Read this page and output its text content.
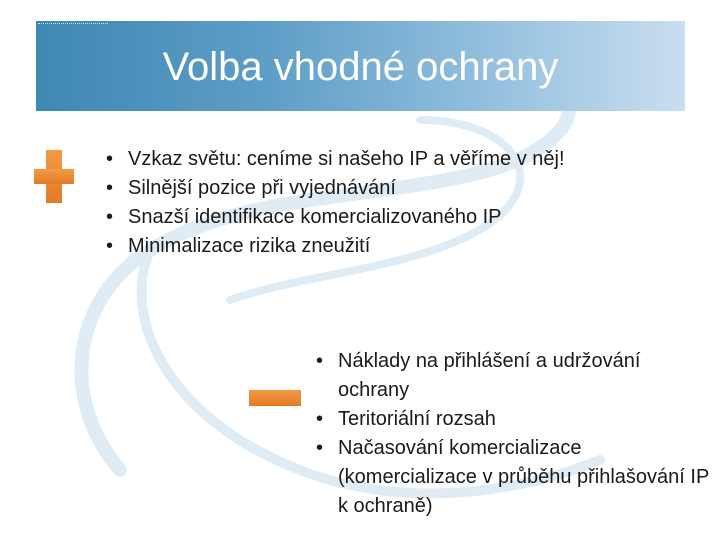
Volba vhodné ochrany
• Vzkaz světu: ceníme si našeho IP a věříme v něj!
• Silnější pozice při vyjednávání
• Snazší identifikace komercializovaného IP
• Minimalizace rizika zneužití
• Náklady na přihlášení a udržování ochrany
• Teritoriální rozsah
• Načasování komercializace (komercializace v průběhu přihlašování IP k ochraně)
